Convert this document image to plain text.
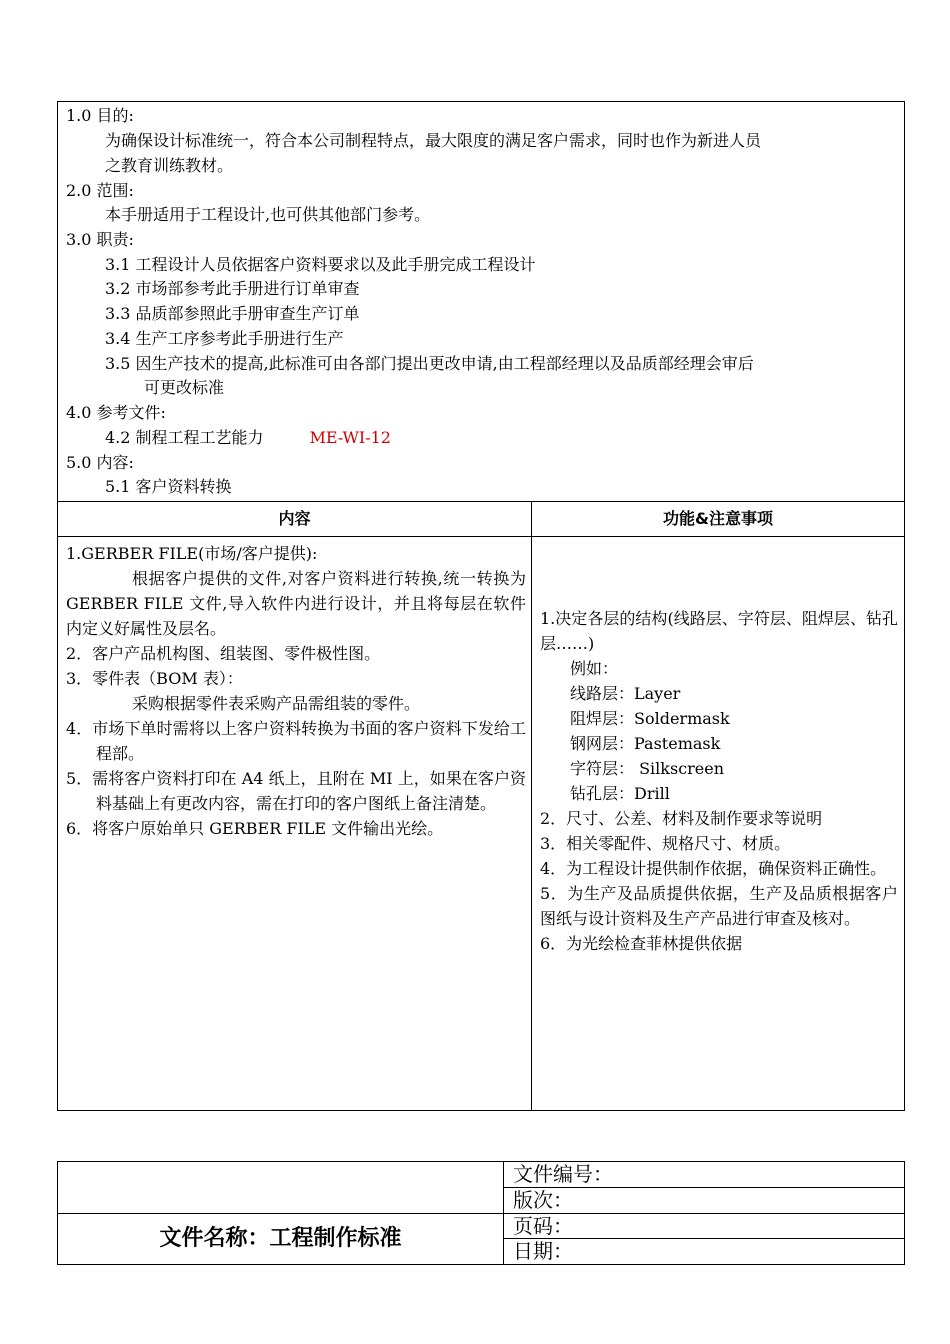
1.0 目的:
为确保设计标准统一，符合本公司制程特点，最大限度的满足客户需求，同时也作为新进人员
之教育训练教材。
2.0 范围:
本手册适用于工程设计,也可供其他部门参考。
3.0 职责:
3.1 工程设计人员依据客户资料要求以及此手册完成工程设计
3.2 市场部参考此手册进行订单审查
3.3 品质部参照此手册审查生产订单
3.4 生产工序参考此手册进行生产
3.5 因生产技术的提高,此标准可由各部门提出更改申请,由工程部经理以及品质部经理会审后
可更改标准
4.0 参考文件:
4.2 制程工程工艺能力	ME-WI-12
5.0 内容:
5.1 客户资料转换
内容	功能&注意事项

1.GERBER FILE(市场/客户提供):

根据客户提供的文件,对客户资料进行转换,统一转换为 GERBER FILE 文件,导入软件内进行设计，并且将每层在软件内定义好属性及层名。

2．客户产品机构图、组装图、零件极性图。

3．零件表（BOM 表）：

采购根据零件表采购产品需组装的零件。

4．市场下单时需将以上客户资料转换为书面的客户资料下发给工程部。

5．需将客户资料打印在 A4 纸上，且附在 MI 上，如果在客户资料基础上有更改内容，需在打印的客户图纸上备注清楚。

6．将客户原始单只 GERBER FILE 文件输出光绘。

1.决定各层的结构(线路层、字符层、阻焊层、钻孔层……)

例如：

线路层：Layer

阻焊层：Soldermask

钢网层：Pastemask

字符层： Silkscreen

钻孔层：Drill

2．尺寸、公差、材料及制作要求等说明

3．相关零配件、规格尺寸、材质。

4．为工程设计提供制作依据，确保资料正确性。

5．为生产及品质提供依据，生产及品质根据客户图纸与设计资料及生产产品进行审查及核对。

6．为光绘检查菲林提供依据

文件编号：
版次：
页码：
日期：
文件名称：工程制作标准
